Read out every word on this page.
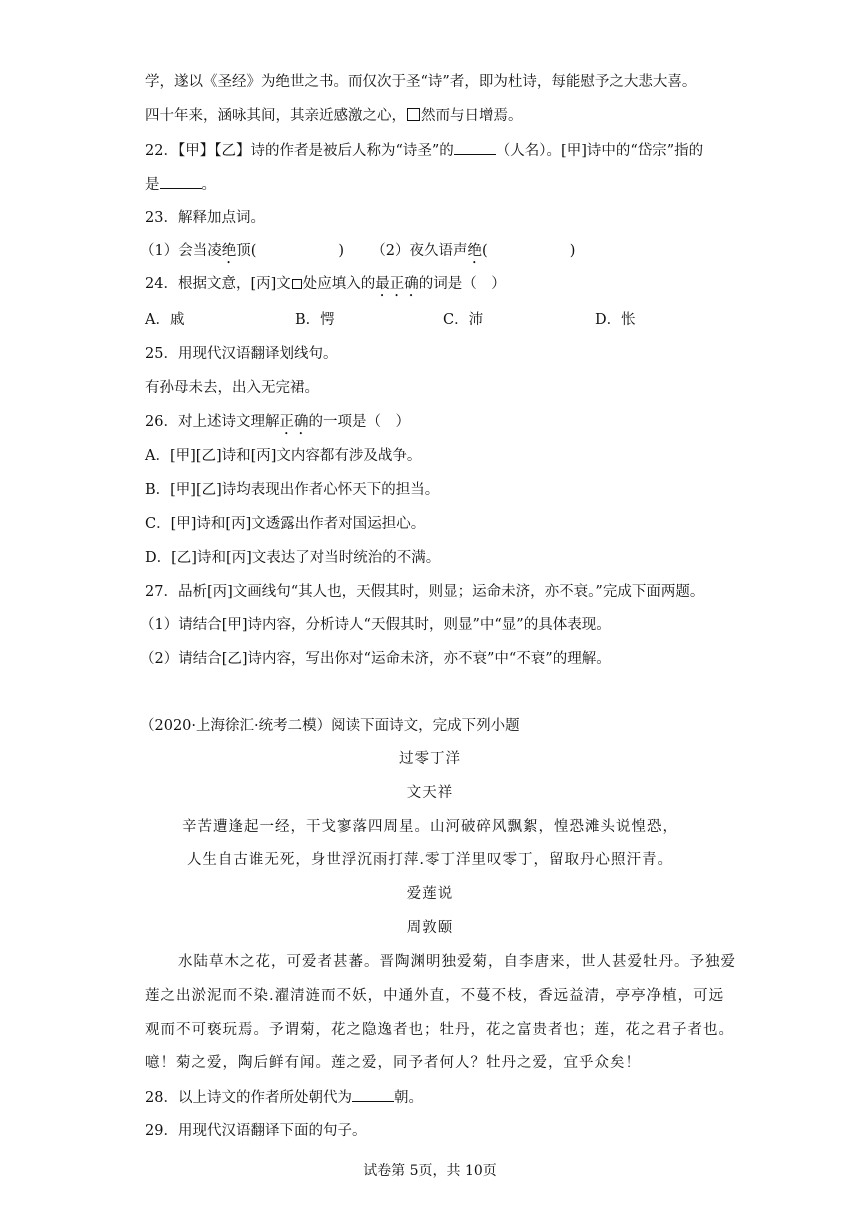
学，遂以《圣经》为绝世之书。而仅次于圣“诗”者，即为杜诗，每能慰予之大悲大喜。
四十年来，涵咏其间，其亲近感激之心， 然而与日增焉。
22．【甲】【乙】诗的作者是被后人称为“诗圣”的	（人名）。[甲]诗中的“岱宗”指的
是	。
23．解释加点词。
（1）会当凌绝顶(	) （2）夜久语声绝(	)
24．根据文意，[丙]文 处应填入的最正确的词是（　）
A．戚	B．愕	C．沛	D．怅
25．用现代汉语翻译划线句。
有孙母未去，出入无完裙。
26．对上述诗文理解正确的一项是（　）
A．[甲][乙]诗和[丙]文内容都有涉及战争。
B．[甲][乙]诗均表现出作者心怀天下的担当。
C．[甲]诗和[丙]文透露出作者对国运担心。
D．[乙]诗和[丙]文表达了对当时统治的不满。
27．品析[丙]文画线句“其人也，天假其时，则显；运命未济，亦不衰。”完成下面两题。
（1）请结合[甲]诗内容，分析诗人“天假其时，则显”中“显”的具体表现。
（2）请结合[乙]诗内容，写出你对“运命未济，亦不衰”中“不衰”的理解。
（2020·上海徐汇·统考二模）阅读下面诗文，完成下列小题
过零丁洋
文天祥
辛苦遭逢起一经，干戈寥落四周星。山河破碎风飘絮，惶恐滩头说惶恐，
人生自古谁无死，身世浮沉雨打萍.零丁洋里叹零丁，留取丹心照汗青。
爱莲说
周敦颐
水陆草木之花，可爱者甚蕃。晋陶渊明独爱菊，自李唐来，世人甚爱牡丹。予独爱
莲之出淤泥而不染.濯清涟而不妖，中通外直，不蔓不枝，香远益清，亭亭净植，可远
观而不可亵玩焉。予谓菊，花之隐逸者也；牡丹，花之富贵者也；莲，花之君子者也。
噫！菊之爱，陶后鲜有闻。莲之爱，同予者何人？牡丹之爱，宜乎众矣！
28．以上诗文的作者所处朝代为	朝。
29．用现代汉语翻译下面的句子。
试卷第 5页，共 10页
